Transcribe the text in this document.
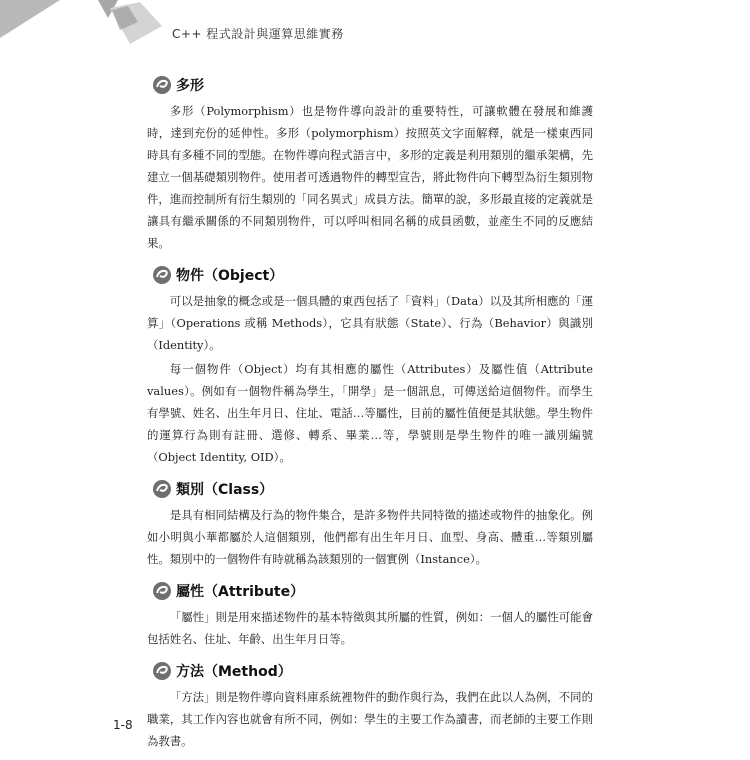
C++ 程式設計與運算思維實務
多形

多形（Polymorphism）也是物件導向設計的重要特性，可讓軟體在發展和維護時，達到充份的延伸性。多形（polymorphism）按照英文字面解釋，就是一樣東西同時具有多種不同的型態。在物件導向程式語言中，多形的定義是利用類別的繼承架構，先建立一個基礎類別物件。使用者可透過物件的轉型宣告，將此物件向下轉型為衍生類別物件，進而控制所有衍生類別的「同名異式」成員方法。簡單的說，多形最直接的定義就是讓具有繼承關係的不同類別物件，可以呼叫相同名稱的成員函數，並產生不同的反應結果。

物件（Object）

可以是抽象的概念或是一個具體的東西包括了「資料」（Data）以及其所相應的「運算」（Operations 或稱 Methods），它具有狀態（State）、行為（Behavior）與識別（Identity）。

每一個物件（Object）均有其相應的屬性（Attributes）及屬性值（Attribute values）。例如有一個物件稱為學生，「開學」是一個訊息，可傳送給這個物件。而學生有學號、姓名、出生年月日、住址、電話…等屬性，目前的屬性值便是其狀態。學生物件的運算行為則有註冊、選修、轉系、畢業…等，學號則是學生物件的唯一識別編號（Object Identity, OID）。

類別（Class）

是具有相同結構及行為的物件集合，是許多物件共同特徵的描述或物件的抽象化。例如小明與小華都屬於人這個類別，他們都有出生年月日、血型、身高、體重…等類別屬性。類別中的一個物件有時就稱為該類別的一個實例（Instance）。

屬性（Attribute）

「屬性」則是用來描述物件的基本特徵與其所屬的性質，例如：一個人的屬性可能會包括姓名、住址、年齡、出生年月日等。

方法（Method）

「方法」則是物件導向資料庫系統裡物件的動作與行為，我們在此以人為例，不同的職業，其工作內容也就會有所不同，例如：學生的主要工作為讀書，而老師的主要工作則為教書。

1-8
